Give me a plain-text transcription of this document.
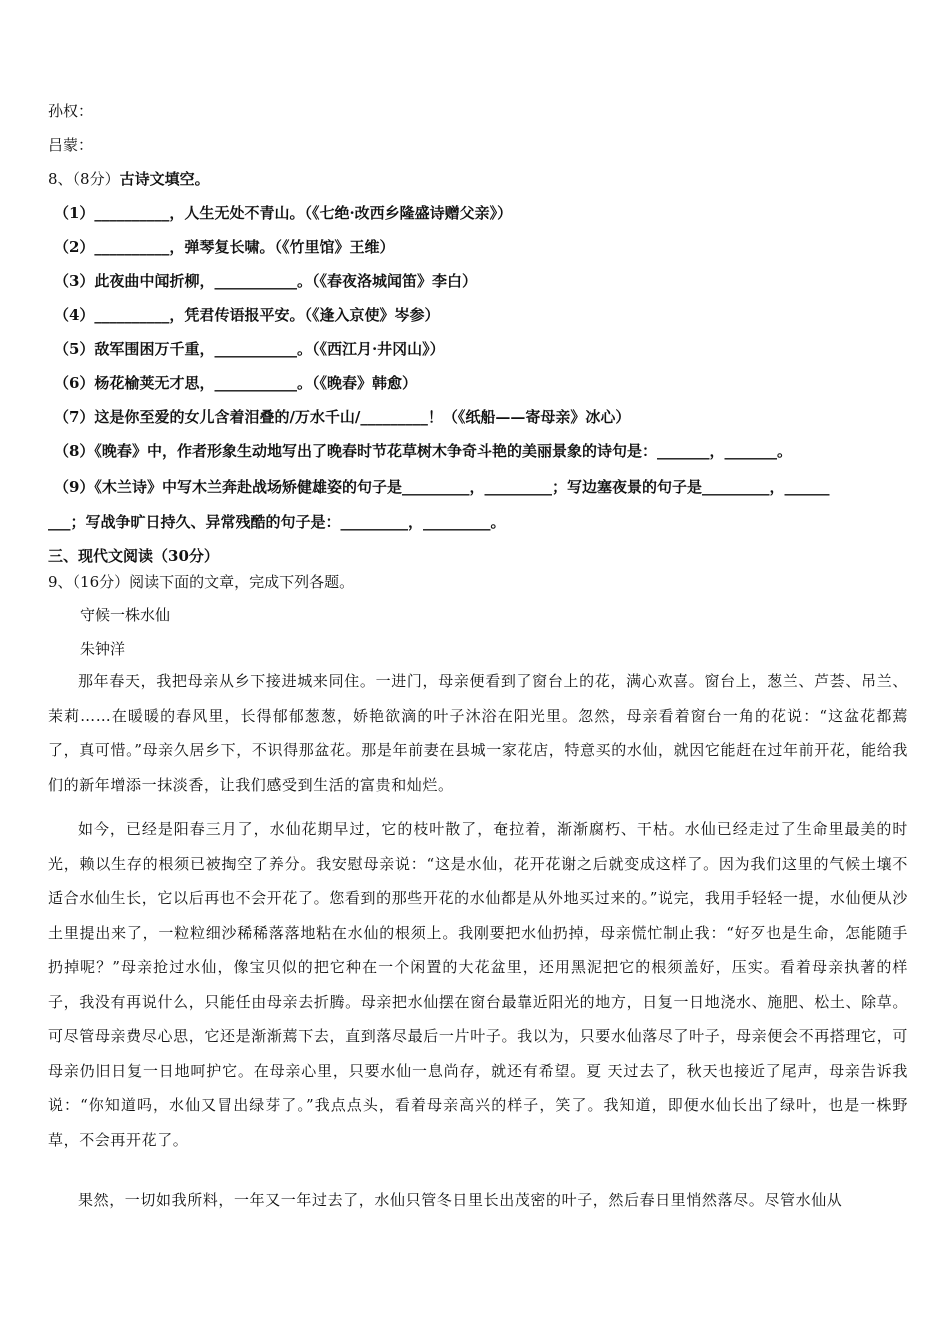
孙权：
吕蒙：
8、（8分）古诗文填空。
（1）__________，人生无处不青山。（《七绝·改西乡隆盛诗赠父亲》）
（2）__________，弹琴复长啸。（《竹里馆》王维）
（3）此夜曲中闻折柳，___________。（《春夜洛城闻笛》李白）
（4）__________，凭君传语报平安。（《逢入京使》岑参）
（5）敌军围困万千重，___________。（《西江月·井冈山》）
（6）杨花榆荚无才思，___________。（《晚春》韩愈）
（7）这是你至爱的女儿含着泪叠的/万水千山/_________！（《纸船——寄母亲》冰心）
（8）《晚春》中，作者形象生动地写出了晚春时节花草树木争奇斗艳的美丽景象的诗句是：_______，_______。
（9）《木兰诗》中写木兰奔赴战场矫健雄姿的句子是_________，_________；写边塞夜景的句子是_________，______
___；写战争旷日持久、异常残酷的句子是：_________，_________。
三、现代文阅读（30分）
9、（16分）阅读下面的文章，完成下列各题。
守候一株水仙
朱钟洋
那年春天，我把母亲从乡下接进城来同住。一进门，母亲便看到了窗台上的花，满心欢喜。窗台上，葱兰、芦荟、吊兰、茉莉……在暖暖的春风里，长得郁郁葱葱，娇艳欲滴的叶子沐浴在阳光里。忽然，母亲看着窗台一角的花说：“这盆花都蔫了，真可惜。”母亲久居乡下，不识得那盆花。那是年前妻在县城一家花店，特意买的水仙，就因它能赶在过年前开花，能给我们的新年增添一抹淡香，让我们感受到生活的富贵和灿烂。
如今，已经是阳春三月了，水仙花期早过，它的枝叶散了，奄拉着，渐渐腐朽、干枯。水仙已经走过了生命里最美的时光，赖以生存的根须已被掏空了养分。我安慰母亲说：“这是水仙，花开花谢之后就变成这样了。因为我们这里的气候土壤不适合水仙生长，它以后再也不会开花了。您看到的那些开花的水仙都是从外地买过来的。”说完，我用手轻轻一提，水仙便从沙土里提出来了，一粒粒细沙稀稀落落地粘在水仙的根须上。我刚要把水仙扔掉，母亲慌忙制止我：“好歹也是生命，怎能随手扔掉呢？”母亲抢过水仙，像宝贝似的把它种在一个闲置的大花盆里，还用黑泥把它的根须盖好，压实。看着母亲执著的样子，我没有再说什么，只能任由母亲去折腾。母亲把水仙摆在窗台最靠近阳光的地方，日复一日地浇水、施肥、松土、除草。可尽管母亲费尽心思，它还是渐渐蔫下去，直到落尽最后一片叶子。我以为，只要水仙落尽了叶子，母亲便会不再搭理它，可母亲仍旧日复一日地呵护它。在母亲心里，只要水仙一息尚存，就还有希望。夏 天过去了，秋天也接近了尾声，母亲告诉我说：“你知道吗，水仙又冒出绿芽了。”我点点头，看着母亲高兴的样子，笑了。我知道，即便水仙长出了绿叶，也是一株野草，不会再开花了。
果然，一切如我所料，一年又一年过去了，水仙只管冬日里长出茂密的叶子，然后春日里悄然落尽。尽管水仙从
